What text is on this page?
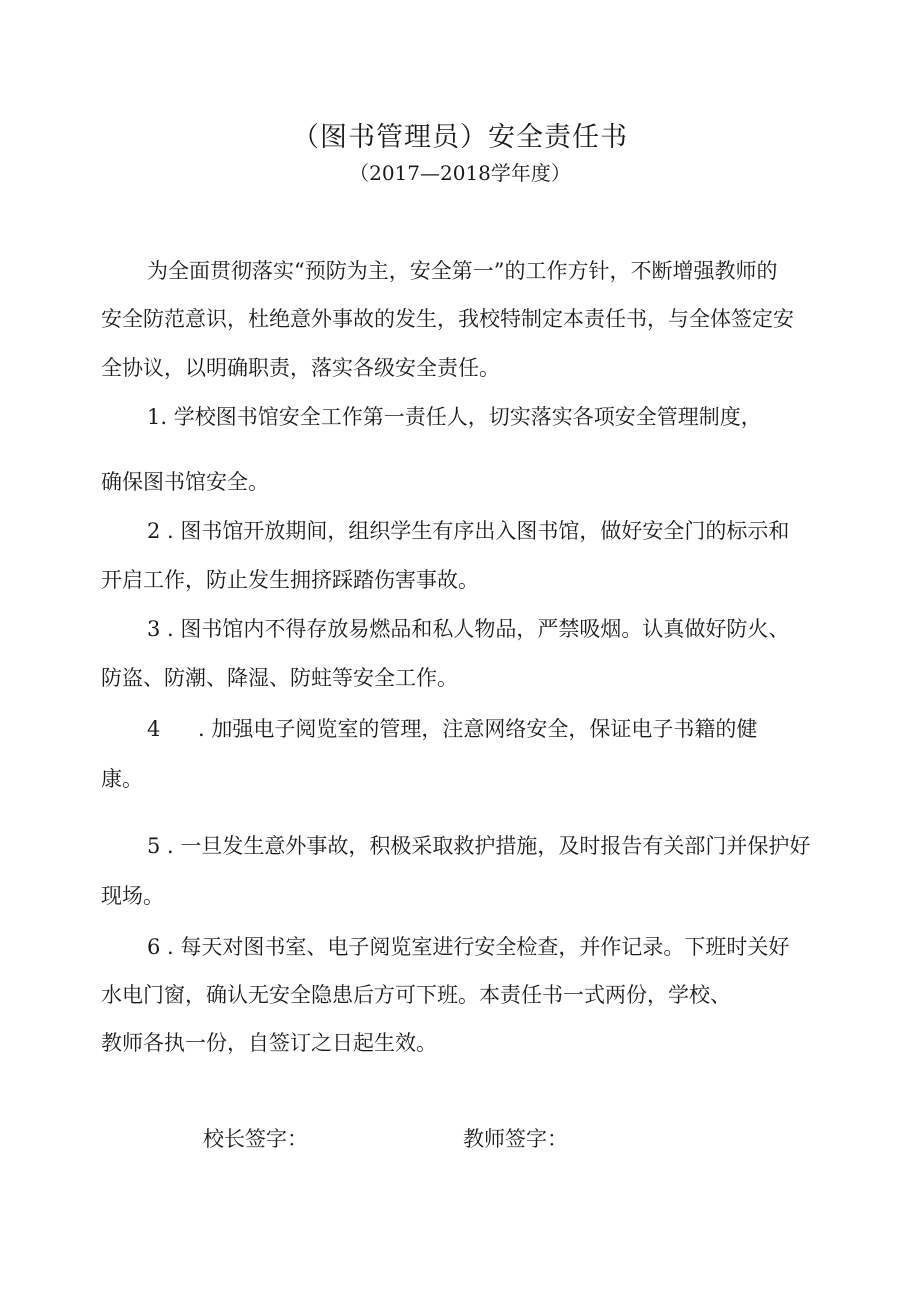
（图书管理员）安全责任书
（2017—2018学年度）
为全面贯彻落实“预防为主，安全第一”的工作方针，不断增强教师的
安全防范意识，杜绝意外事故的发生，我校特制定本责任书，与全体签定安
全协议，以明确职责，落实各级安全责任。
1. 学校图书馆安全工作第一责任人，切实落实各项安全管理制度，
确保图书馆安全。
2 . 图书馆开放期间，组织学生有序出入图书馆，做好安全门的标示和
开启工作，防止发生拥挤踩踏伤害事故。
3 . 图书馆内不得存放易燃品和私人物品，严禁吸烟。认真做好防火、
防盗、防潮、降湿、防蛀等安全工作。
4 . 加强电子阅览室的管理，注意网络安全，保证电子书籍的健
康。
5 . 一旦发生意外事故，积极采取救护措施，及时报告有关部门并保护好
现场。
6 . 每天对图书室、电子阅览室进行安全检查，并作记录。下班时关好
水电门窗，确认无安全隐患后方可下班。本责任书一式两份，学校、
教师各执一份，自签订之日起生效。
校长签字：	教师签字：
